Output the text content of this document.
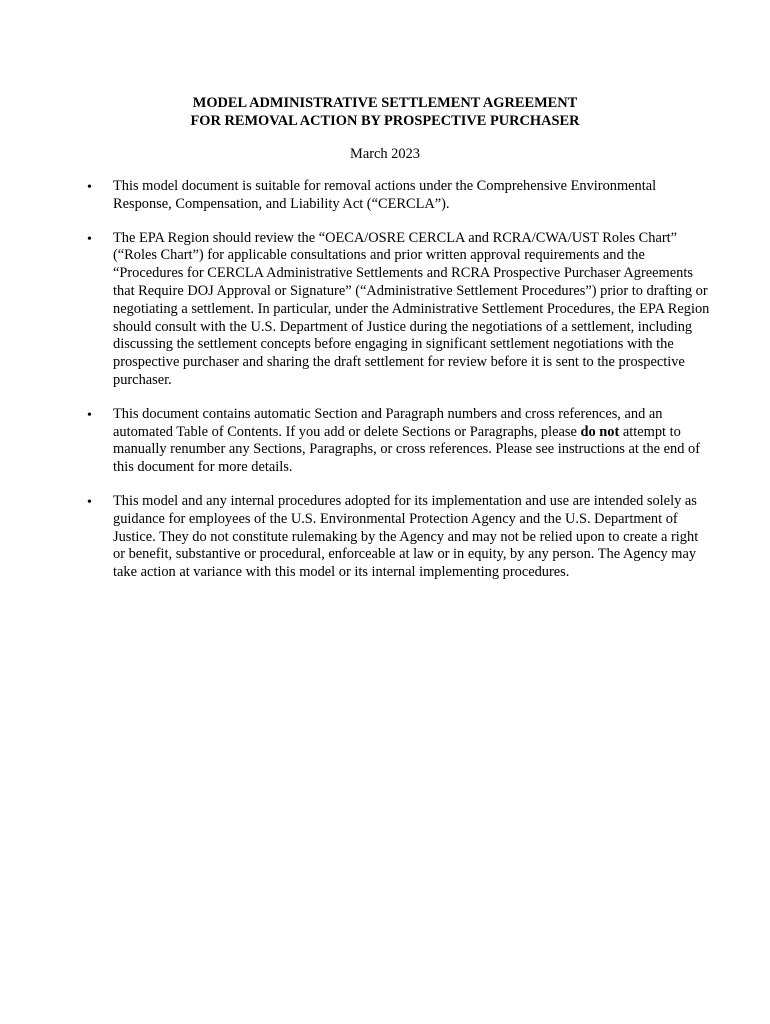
MODEL ADMINISTRATIVE SETTLEMENT AGREEMENT
FOR REMOVAL ACTION BY PROSPECTIVE PURCHASER
March 2023
• This model document is suitable for removal actions under the Comprehensive Environmental Response, Compensation, and Liability Act (“CERCLA”).
• The EPA Region should review the “OECA/OSRE CERCLA and RCRA/CWA/UST Roles Chart” (“Roles Chart”) for applicable consultations and prior written approval requirements and the “Procedures for CERCLA Administrative Settlements and RCRA Prospective Purchaser Agreements that Require DOJ Approval or Signature” (“Administrative Settlement Procedures”) prior to drafting or negotiating a settlement. In particular, under the Administrative Settlement Procedures, the EPA Region should consult with the U.S. Department of Justice during the negotiations of a settlement, including discussing the settlement concepts before engaging in significant settlement negotiations with the prospective purchaser and sharing the draft settlement for review before it is sent to the prospective purchaser.
• This document contains automatic Section and Paragraph numbers and cross references, and an automated Table of Contents. If you add or delete Sections or Paragraphs, please do not attempt to manually renumber any Sections, Paragraphs, or cross references. Please see instructions at the end of this document for more details.
• This model and any internal procedures adopted for its implementation and use are intended solely as guidance for employees of the U.S. Environmental Protection Agency and the U.S. Department of Justice. They do not constitute rulemaking by the Agency and may not be relied upon to create a right or benefit, substantive or procedural, enforceable at law or in equity, by any person. The Agency may take action at variance with this model or its internal implementing procedures.
